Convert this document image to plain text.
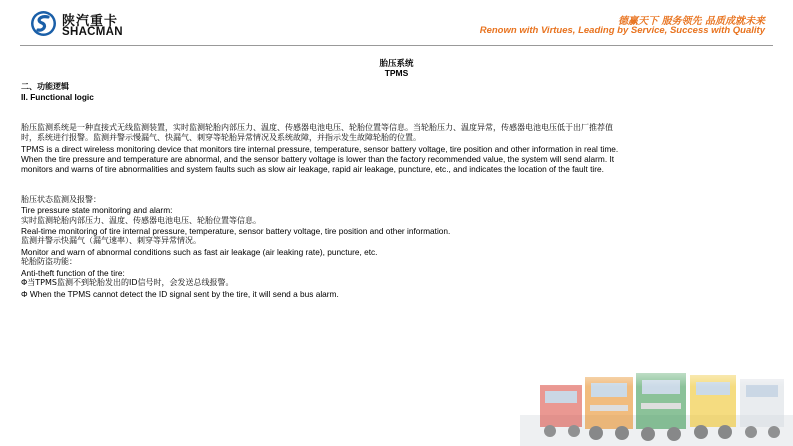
陕汽重卡
SHACMAN
德赢天下 服务领先 品质成就未来
Renown with Virtues, Leading by Service, Success with Quality
胎压系统
TPMS

二、功能逻辑

II. Functional logic

胎压监测系统是一种直接式无线监测装置，实时监测轮胎内部压力、温度、传感器电池电压、轮胎位置等信息。当轮胎压力、温度异常，传感器电池电压低于出厂推荐值

时，系统进行报警。监测并警示慢漏气、快漏气、刺穿等轮胎异常情况及系统故障，并指示发生故障轮胎的位置。

TPMS is a direct wireless monitoring device that monitors tire internal pressure, temperature, sensor battery voltage, tire position and other information in real time.

When the tire pressure and temperature are abnormal, and the sensor battery voltage is lower than the factory recommended value, the system will send alarm. It

monitors and warns of tire abnormalities and system faults such as slow air leakage, rapid air leakage, puncture, etc., and indicates the location of the fault tire.

胎压状态监测及报警：

Tire pressure state monitoring and alarm:

实时监测轮胎内部压力、温度、传感器电池电压、轮胎位置等信息。

Real-time monitoring of tire internal pressure, temperature, sensor battery voltage, tire position and other information.

监测并警示快漏气（漏气速率）、刺穿等异常情况。

Monitor and warn of abnormal conditions such as fast air leakage (air leaking rate), puncture, etc.

轮胎防盗功能：

Anti-theft function of the tire:

Φ当TPMS监测不到轮胎发出的ID信号时，会发送总线报警。

Φ When the TPMS cannot detect the ID signal sent by the tire, it will send a bus alarm.
